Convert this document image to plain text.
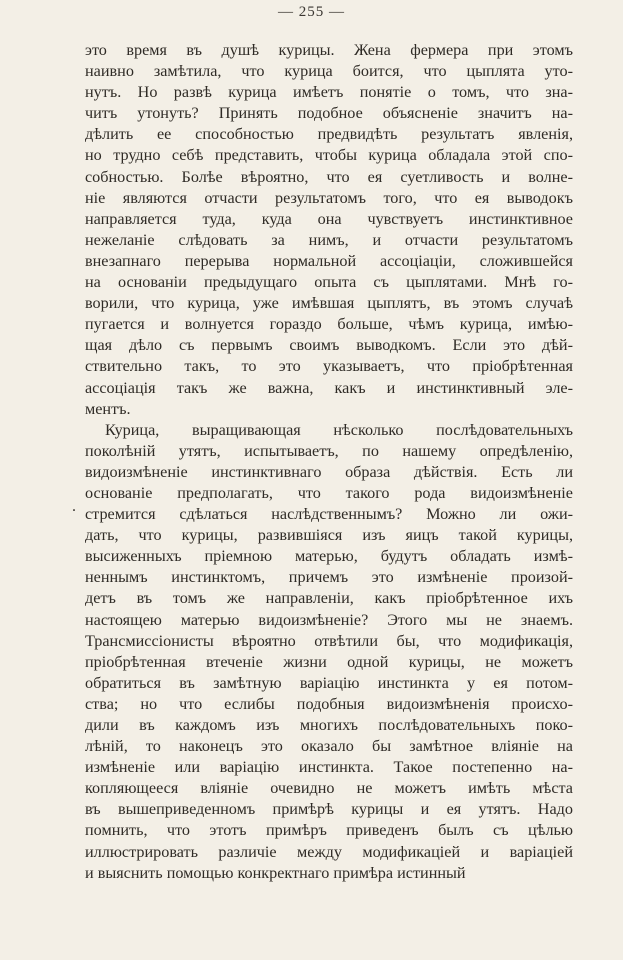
— 255 —
.
это время въ душѣ курицы. Жена фермера при этомъ
наивно замѣтила, что курица боится, что цыплята уто-
нутъ. Но развѣ курица имѣетъ понятіе о томъ, что зна-
читъ утонуть? Принять подобное объясненіе значитъ на-
дѣлить ее способностью предвидѣть результатъ явленія,
но трудно себѣ представить, чтобы курица обладала этой спо-
собностью. Болѣе вѣроятно, что ея суетливость и волне-
ніе являются отчасти результатомъ того, что ея выводокъ
направляется туда, куда она чувствуетъ инстинктивное
нежеланіе слѣдовать за нимъ, и отчасти результатомъ
внезапнаго перерыва нормальной ассоціаціи, сложившейся
на основаніи предыдущаго опыта съ цыплятами. Мнѣ го-
ворили, что курица, уже имѣвшая цыплятъ, въ этомъ случаѣ
пугается и волнуется гораздо больше, чѣмъ курица, имѣю-
щая дѣло съ первымъ своимъ выводкомъ. Если это дѣй-
ствительно такъ, то это указываетъ, что пріобрѣтенная
ассоціація такъ же важна, какъ и инстинктивный эле-
ментъ.
Курица, выращивающая нѣсколько послѣдовательныхъ
поколѣній утятъ, испытываетъ, по нашему опредѣленію,
видоизмѣненіе инстинктивнаго образа дѣйствія. Есть ли
основаніе предполагать, что такого рода видоизмѣненіе
стремится сдѣлаться наслѣдственнымъ? Можно ли ожи-
дать, что курицы, развившіяся изъ яицъ такой курицы,
высиженныхъ пріемною матерью, будутъ обладать измѣ-
неннымъ инстинктомъ, причемъ это измѣненіе произой-
детъ въ томъ же направленіи, какъ пріобрѣтенное ихъ
настоящею матерью видоизмѣненіе? Этого мы не знаемъ.
Трансмиссіонисты вѣроятно отвѣтили бы, что модификація,
пріобрѣтенная втеченіе жизни одной курицы, не можетъ
обратиться въ замѣтную варіацію инстинкта у ея потом-
ства; но что еслибы подобныя видоизмѣненія происхо-
дили въ каждомъ изъ многихъ послѣдовательныхъ поко-
лѣній, то наконецъ это оказало бы замѣтное вліяніе на
измѣненіе или варіацію инстинкта. Такое постепенно на-
копляющееся вліяніе очевидно не можетъ имѣть мѣста
въ вышеприведенномъ примѣрѣ курицы и ея утятъ. Надо
помнить, что этотъ примѣръ приведенъ былъ съ цѣлью
иллюстрировать различіе между модификаціей и варіаціей
и выяснить помощью конкректнаго примѣра истинный
